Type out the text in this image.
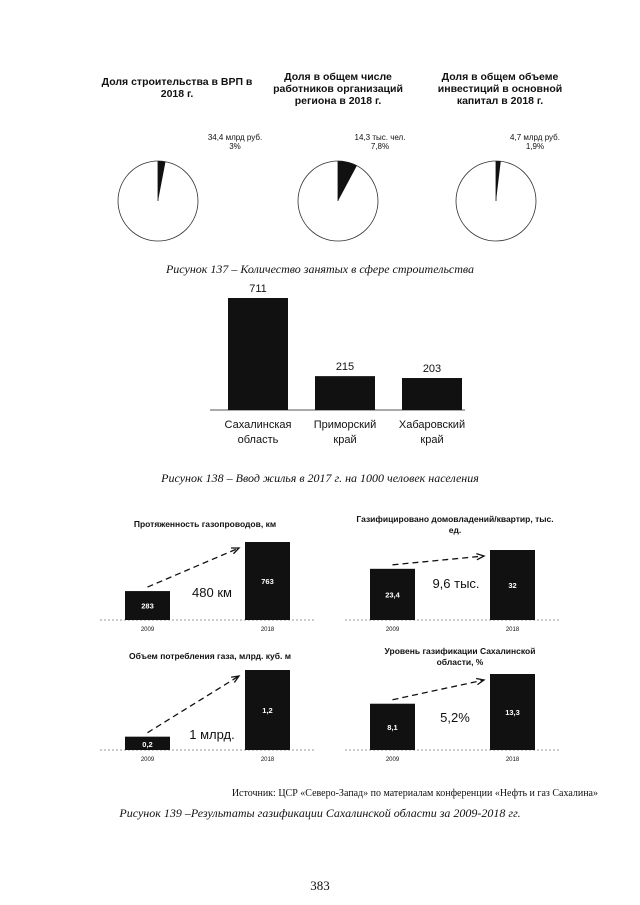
Доля строительства в ВРП в 2018 г.
Доля в общем числе работников организаций региона в 2018 г.
Доля в общем объеме инвестиций в основной капитал в 2018 г.
34,4 млрд руб.
3%
14,3 тыс. чел.
7,8%
4,7 млрд руб.
1,9%
Рисунок 137 – Количество занятых в сфере строительства
711
Сахалинская
область
215
Приморский
край
203
Хабаровский
край
Рисунок 138 – Ввод жилья в 2017 г. на 1000 человек населения
Протяженность газопроводов, км	Газифицировано домовладений/квартир, тыс. ед.
Объем потребления газа, млрд. куб. м	Уровень газификации Сахалинской области, %
283
2009
763
2018
480 км	23,4
2009
32
2018
9,6 тыс.
0,2
2009
1,2
2018
1 млрд.	8,1
2009
13,3
2018
5,2%
Источник: ЦСР «Северо-Запад» по материалам конференции «Нефть и газ Сахалина»
Рисунок 139 –Результаты газификации Сахалинской области за 2009-2018 гг.
383
